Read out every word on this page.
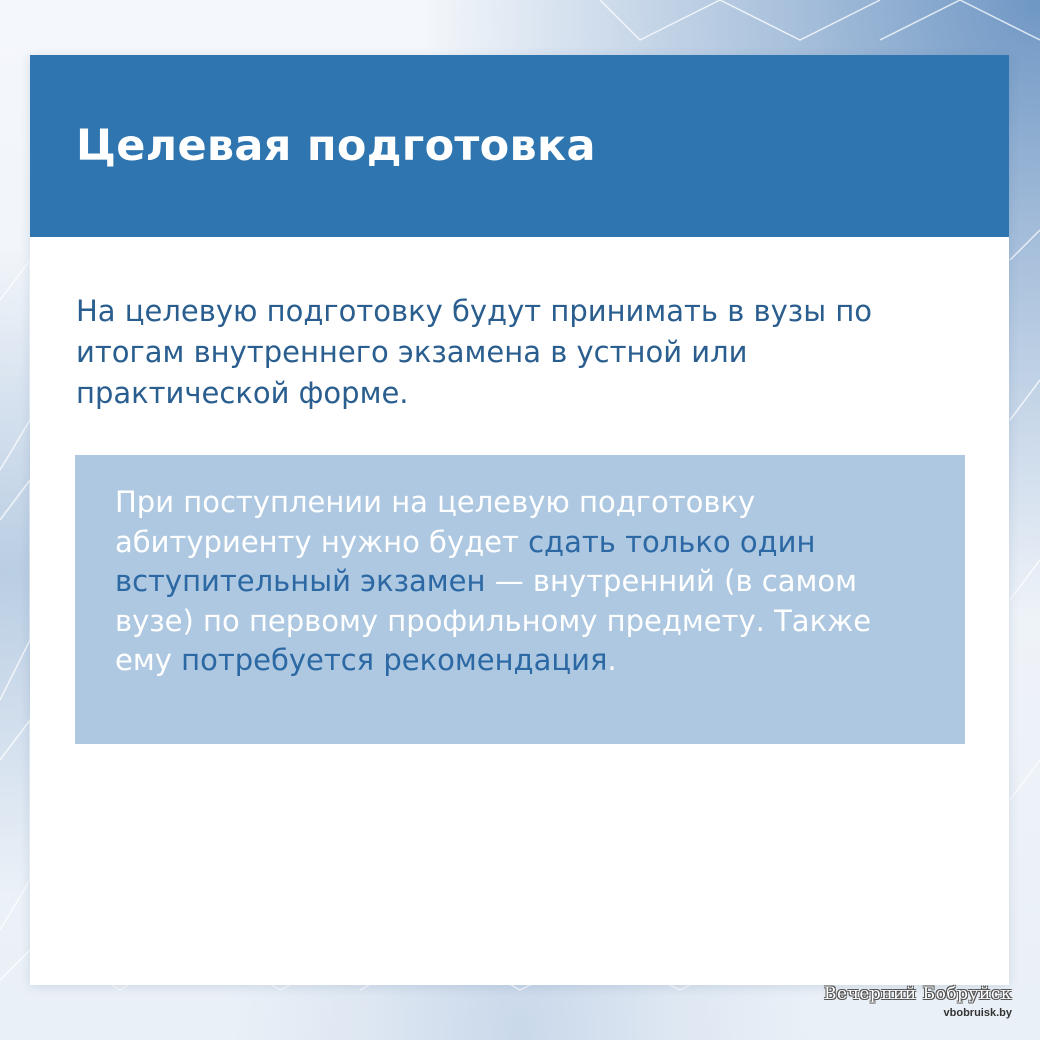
Целевая подготовка

На целевую подготовку будут принимать в вузы по итогам внутреннего экзамена в устной или практической форме.

При поступлении на целевую подготовку абитуриенту нужно будет сдать только один вступительный экзамен — внутренний (в самом вузе) по первому профильному предмету. Также ему потребуется рекомендация.

Вечерний Бобруйск
vbobruisk.by
